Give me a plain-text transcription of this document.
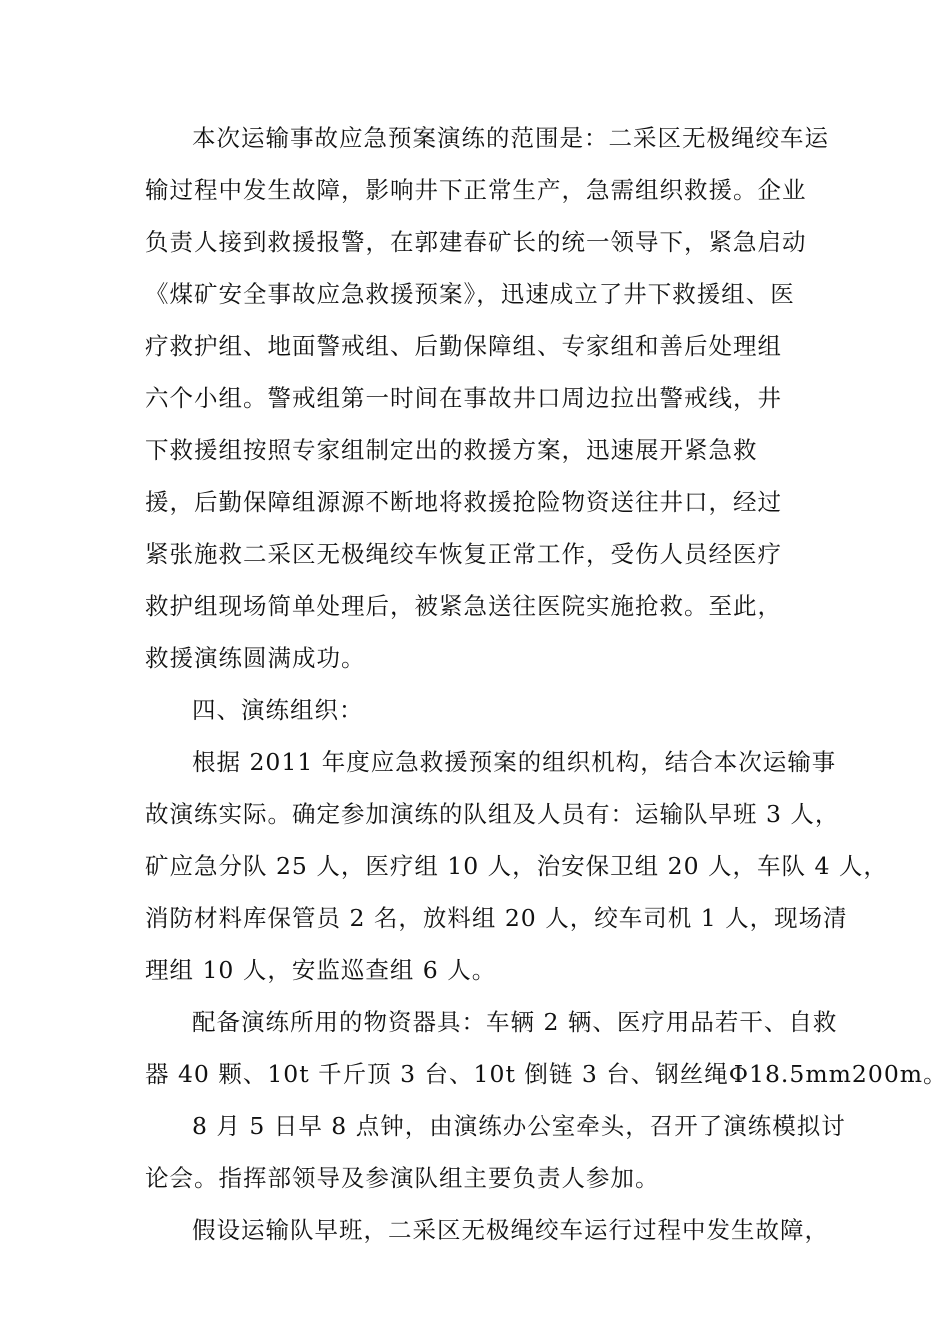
本次运输事故应急预案演练的范围是：二采区无极绳绞车运
输过程中发生故障，影响井下正常生产，急需组织救援。企业
负责人接到救援报警，在郭建春矿长的统一领导下，紧急启动
《煤矿安全事故应急救援预案》，迅速成立了井下救援组、医
疗救护组、地面警戒组、后勤保障组、专家组和善后处理组
六个小组。警戒组第一时间在事故井口周边拉出警戒线，井
下救援组按照专家组制定出的救援方案，迅速展开紧急救
援，后勤保障组源源不断地将救援抢险物资送往井口，经过
紧张施救二采区无极绳绞车恢复正常工作，受伤人员经医疗
救护组现场简单处理后，被紧急送往医院实施抢救。至此，
救援演练圆满成功。
四、演练组织：
根据 2011 年度应急救援预案的组织机构，结合本次运输事
故演练实际。确定参加演练的队组及人员有：运输队早班 3 人，
矿应急分队 25 人，医疗组 10 人，治安保卫组 20 人，车队 4 人，
消防材料库保管员 2 名，放料组 20 人，绞车司机 1 人，现场清
理组 10 人，安监巡查组 6 人。
配备演练所用的物资器具：车辆 2 辆、医疗用品若干、自救
器 40 颗、10t 千斤顶 3 台、10t 倒链 3 台、钢丝绳Φ18.5mm200m。
8 月 5 日早 8 点钟，由演练办公室牵头，召开了演练模拟讨
论会。指挥部领导及参演队组主要负责人参加。
假设运输队早班，二采区无极绳绞车运行过程中发生故障，
